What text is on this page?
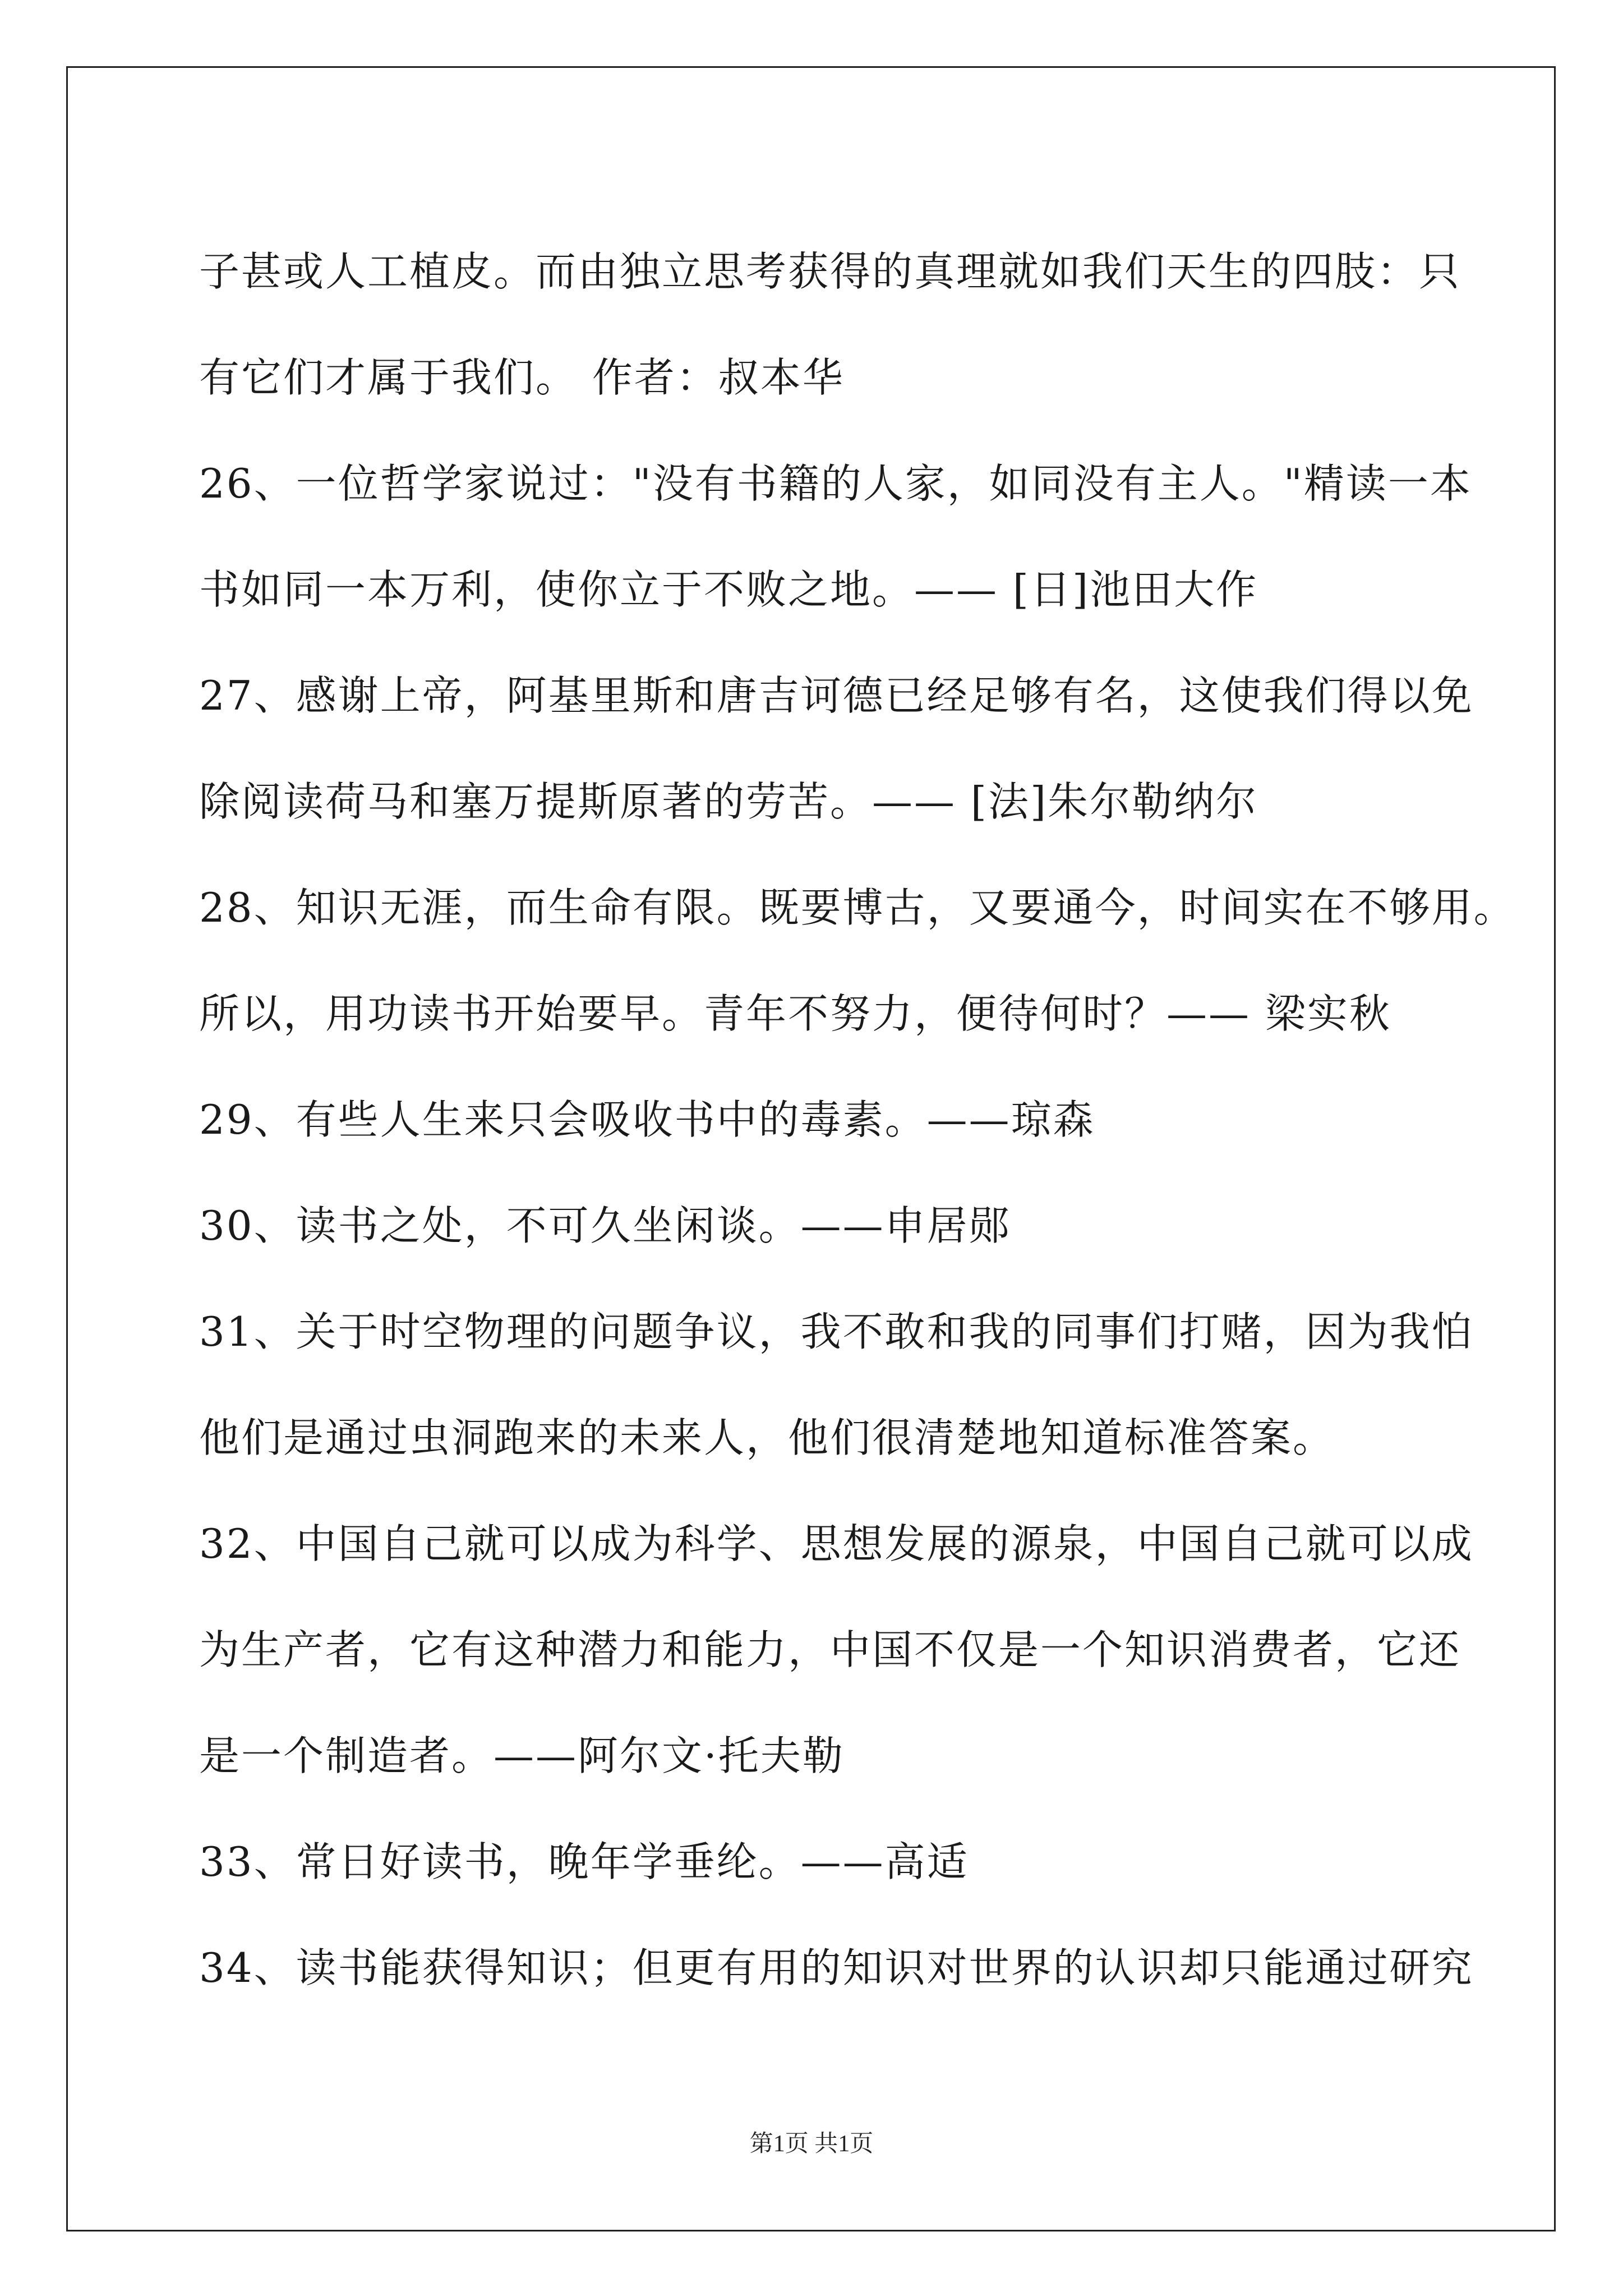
子甚或人工植皮。而由独立思考获得的真理就如我们天生的四肢：只
有它们才属于我们。 作者：叔本华
26、一位哲学家说过："没有书籍的人家，如同没有主人。"精读一本
书如同一本万利，使你立于不败之地。—— [日]池田大作
27、感谢上帝，阿基里斯和唐吉诃德已经足够有名，这使我们得以免
除阅读荷马和塞万提斯原著的劳苦。—— [法]朱尔勒纳尔
28、知识无涯，而生命有限。既要博古，又要通今，时间实在不够用。
所以，用功读书开始要早。青年不努力，便待何时？—— 梁实秋
29、有些人生来只会吸收书中的毒素。——琼森
30、读书之处，不可久坐闲谈。——申居郧
31、关于时空物理的问题争议，我不敢和我的同事们打赌，因为我怕
他们是通过虫洞跑来的未来人，他们很清楚地知道标准答案。
32、中国自己就可以成为科学、思想发展的源泉，中国自己就可以成
为生产者，它有这种潜力和能力，中国不仅是一个知识消费者，它还
是一个制造者。——阿尔文·托夫勒
33、常日好读书，晚年学垂纶。——高适
34、读书能获得知识；但更有用的知识对世界的认识却只能通过研究
第1页 共1页
